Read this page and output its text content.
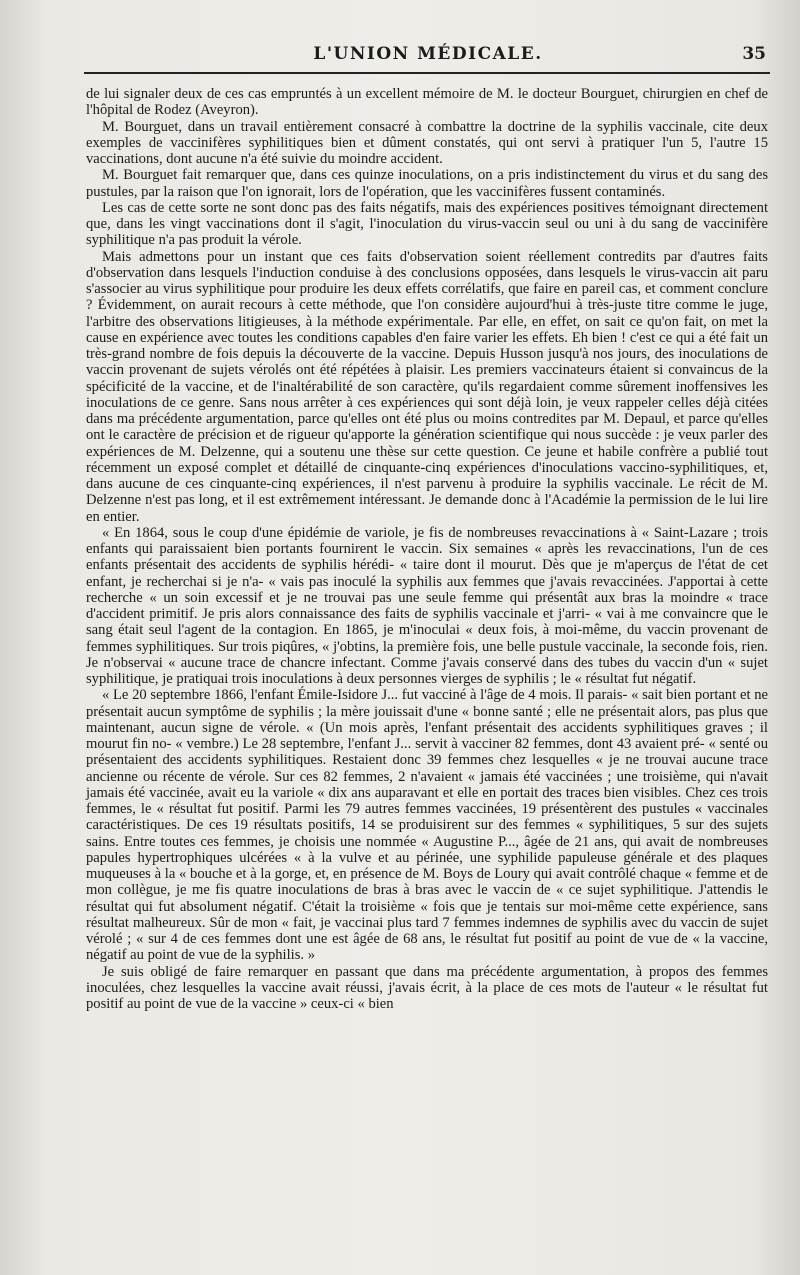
L'UNION MÉDICALE.	35

de lui signaler deux de ces cas empruntés à un excellent mémoire de M. le docteur Bourguet, chirurgien en chef de l'hôpital de Rodez (Aveyron).

M. Bourguet, dans un travail entièrement consacré à combattre la doctrine de la syphilis vaccinale, cite deux exemples de vaccinifères syphilitiques bien et dûment constatés, qui ont servi à pratiquer l'un 5, l'autre 15 vaccinations, dont aucune n'a été suivie du moindre accident.

M. Bourguet fait remarquer que, dans ces quinze inoculations, on a pris indistinctement du virus et du sang des pustules, par la raison que l'on ignorait, lors de l'opération, que les vaccinifères fussent contaminés.

Les cas de cette sorte ne sont donc pas des faits négatifs, mais des expériences positives témoignant directement que, dans les vingt vaccinations dont il s'agit, l'inoculation du virus-vaccin seul ou uni à du sang de vaccinifère syphilitique n'a pas produit la vérole.

Mais admettons pour un instant que ces faits d'observation soient réellement contredits par d'autres faits d'observation dans lesquels l'induction conduise à des conclusions opposées, dans lesquels le virus-vaccin ait paru s'associer au virus syphilitique pour produire les deux effets corrélatifs, que faire en pareil cas, et comment conclure ? Évidemment, on aurait recours à cette méthode, que l'on considère aujourd'hui à très-juste titre comme le juge, l'arbitre des observations litigieuses, à la méthode expérimentale. Par elle, en effet, on sait ce qu'on fait, on met la cause en expérience avec toutes les conditions capables d'en faire varier les effets. Eh bien ! c'est ce qui a été fait un très-grand nombre de fois depuis la découverte de la vaccine. Depuis Husson jusqu'à nos jours, des inoculations de vaccin provenant de sujets vérolés ont été répétées à plaisir. Les premiers vaccinateurs étaient si convaincus de la spécificité de la vaccine, et de l'inaltérabilité de son caractère, qu'ils regardaient comme sûrement inoffensives les inoculations de ce genre. Sans nous arrêter à ces expériences qui sont déjà loin, je veux rappeler celles déjà citées dans ma précédente argumentation, parce qu'elles ont été plus ou moins contredites par M. Depaul, et parce qu'elles ont le caractère de précision et de rigueur qu'apporte la génération scientifique qui nous succède : je veux parler des expériences de M. Delzenne, qui a soutenu une thèse sur cette question. Ce jeune et habile confrère a publié tout récemment un exposé complet et détaillé de cinquante-cinq expériences d'inoculations vaccino-syphilitiques, et, dans aucune de ces cinquante-cinq expériences, il n'est parvenu à produire la syphilis vaccinale. Le récit de M. Delzenne n'est pas long, et il est extrêmement intéressant. Je demande donc à l'Académie la permission de le lui lire en entier.

« En 1864, sous le coup d'une épidémie de variole, je fis de nombreuses revaccinations à « Saint-Lazare ; trois enfants qui paraissaient bien portants fournirent le vaccin. Six semaines « après les revaccinations, l'un de ces enfants présentait des accidents de syphilis hérédi- « taire dont il mourut. Dès que je m'aperçus de l'état de cet enfant, je recherchai si je n'a- « vais pas inoculé la syphilis aux femmes que j'avais revaccinées. J'apportai à cette recherche « un soin excessif et je ne trouvai pas une seule femme qui présentât aux bras la moindre « trace d'accident primitif. Je pris alors connaissance des faits de syphilis vaccinale et j'arri- « vai à me convaincre que le sang était seul l'agent de la contagion. En 1865, je m'inoculai « deux fois, à moi-même, du vaccin provenant de femmes syphilitiques. Sur trois piqûres, « j'obtins, la première fois, une belle pustule vaccinale, la seconde fois, rien. Je n'observai « aucune trace de chancre infectant. Comme j'avais conservé dans des tubes du vaccin d'un « sujet syphilitique, je pratiquai trois inoculations à deux personnes vierges de syphilis ; le « résultat fut négatif.

« Le 20 septembre 1866, l'enfant Émile-Isidore J... fut vacciné à l'âge de 4 mois. Il parais- « sait bien portant et ne présentait aucun symptôme de syphilis ; la mère jouissait d'une « bonne santé ; elle ne présentait alors, pas plus que maintenant, aucun signe de vérole. « (Un mois après, l'enfant présentait des accidents syphilitiques graves ; il mourut fin no- « vembre.) Le 28 septembre, l'enfant J... servit à vacciner 82 femmes, dont 43 avaient pré- « senté ou présentaient des accidents syphilitiques. Restaient donc 39 femmes chez lesquelles « je ne trouvai aucune trace ancienne ou récente de vérole. Sur ces 82 femmes, 2 n'avaient « jamais été vaccinées ; une troisième, qui n'avait jamais été vaccinée, avait eu la variole « dix ans auparavant et elle en portait des traces bien visibles. Chez ces trois femmes, le « résultat fut positif. Parmi les 79 autres femmes vaccinées, 19 présentèrent des pustules « vaccinales caractéristiques. De ces 19 résultats positifs, 14 se produisirent sur des femmes « syphilitiques, 5 sur des sujets sains. Entre toutes ces femmes, je choisis une nommée « Augustine P..., âgée de 21 ans, qui avait de nombreuses papules hypertrophiques ulcérées « à la vulve et au périnée, une syphilide papuleuse générale et des plaques muqueuses à la « bouche et à la gorge, et, en présence de M. Boys de Loury qui avait contrôlé chaque « femme et de mon collègue, je me fis quatre inoculations de bras à bras avec le vaccin de « ce sujet syphilitique. J'attendis le résultat qui fut absolument négatif. C'était la troisième « fois que je tentais sur moi-même cette expérience, sans résultat malheureux. Sûr de mon « fait, je vaccinai plus tard 7 femmes indemnes de syphilis avec du vaccin de sujet vérolé ; « sur 4 de ces femmes dont une est âgée de 68 ans, le résultat fut positif au point de vue de « la vaccine, négatif au point de vue de la syphilis. »

Je suis obligé de faire remarquer en passant que dans ma précédente argumentation, à propos des femmes inoculées, chez lesquelles la vaccine avait réussi, j'avais écrit, à la place de ces mots de l'auteur « le résultat fut positif au point de vue de la vaccine » ceux-ci « bien
